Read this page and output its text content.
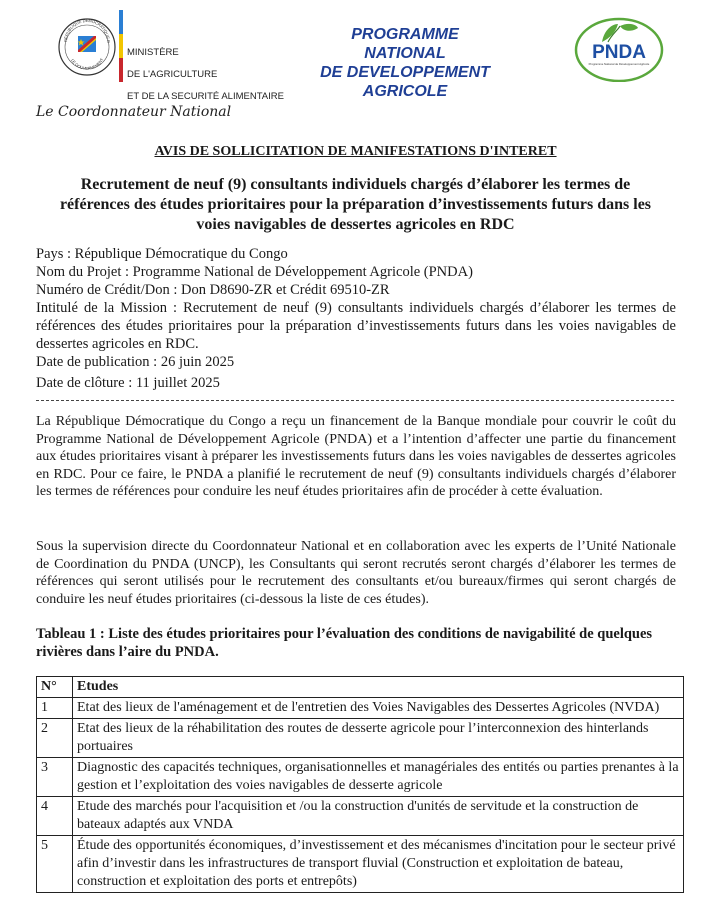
RÉPUBLIQUE DÉMOCRATIQUE D
LE GOUVERNEMENT

MINISTÈRE

DE L'AGRICULTURE

ET DE LA SECURITÉ ALIMENTAIRE

PROGRAMME NATIONAL
DE DEVELOPPEMENT
AGRICOLE
PNDA
Programme National de Développement Agricole
Le Coordonnateur National
AVIS DE SOLLICITATION DE MANIFESTATIONS D'INTERET
Recrutement de neuf (9) consultants individuels chargés d’élaborer les termes de références des études prioritaires pour la préparation d’investissements futurs dans les voies navigables de dessertes agricoles en RDC

Pays : République Démocratique du Congo

Nom du Projet : Programme National de Développement Agricole (PNDA)

Numéro de Crédit/Don : Don D8690-ZR et Crédit 69510-ZR

Intitulé de la Mission : Recrutement de neuf (9) consultants individuels chargés d’élaborer les termes de références des études prioritaires pour la préparation d’investissements futurs dans les voies navigables de dessertes agricoles en RDC.

Date de publication : 26 juin 2025

Date de clôture : 11 juillet 2025

La République Démocratique du Congo a reçu un financement de la Banque mondiale pour couvrir le coût du Programme National de Développement Agricole (PNDA) et a l’intention d’affecter une partie du financement aux études prioritaires visant à préparer les investissements futurs dans les voies navigables de dessertes agricoles en RDC. Pour ce faire, le PNDA a planifié le recrutement de neuf (9) consultants individuels chargés d’élaborer les termes de références pour conduire les neuf études prioritaires afin de procéder à cette évaluation.
Sous la supervision directe du Coordonnateur National et en collaboration avec les experts de l’Unité Nationale de Coordination du PNDA (UNCP), les Consultants qui seront recrutés seront chargés d’élaborer les termes de références qui seront utilisés pour le recrutement des consultants et/ou bureaux/firmes qui seront chargés de conduire les neuf études prioritaires (ci-dessous la liste de ces études).
Tableau 1 : Liste des études prioritaires pour l’évaluation des conditions de navigabilité de quelques rivières dans l’aire du PNDA.
N°	Etudes
1	Etat des lieux de l'aménagement et de l'entretien des Voies Navigables des Dessertes Agricoles (NVDA)
2	Etat des lieux de la réhabilitation des routes de desserte agricole pour l’interconnexion des hinterlands portuaires
3	Diagnostic des capacités techniques, organisationnelles et managériales des entités ou parties prenantes à la gestion et l’exploitation des voies navigables de desserte agricole
4	Etude des marchés pour l'acquisition et /ou la construction d'unités de servitude et la construction de bateaux adaptés aux VNDA
5	Étude des opportunités économiques, d’investissement et des mécanismes d'incitation pour le secteur privé afin d’investir dans les infrastructures de transport fluvial (Construction et exploitation de bateau, construction et exploitation des ports et entrepôts)
